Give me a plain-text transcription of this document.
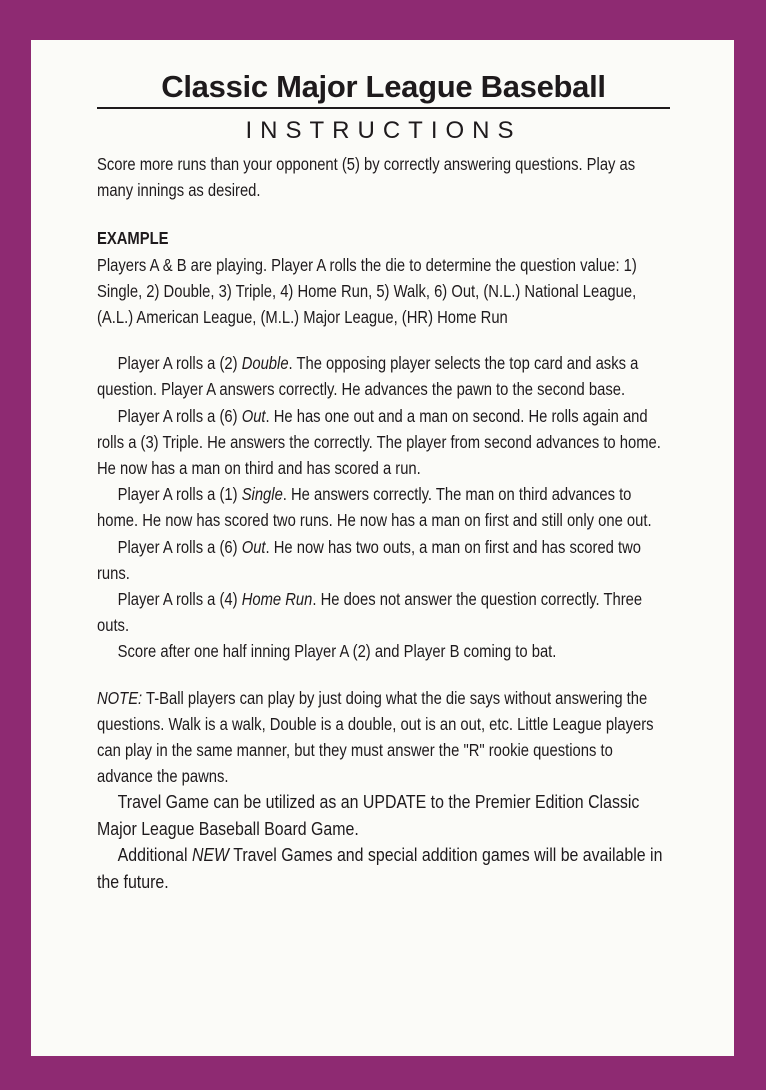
Classic Major League Baseball
INSTRUCTIONS

Score more runs than your opponent (5) by correctly answering questions. Play as many innings as desired.

EXAMPLE

Players A & B are playing. Player A rolls the die to determine the question value: 1) Single, 2) Double, 3) Triple, 4) Home Run, 5) Walk, 6) Out, (N.L.) National League, (A.L.) American League, (M.L.) Major League, (HR) Home Run

Player A rolls a (2) Double. The opposing player selects the top card and asks a question. Player A answers correctly. He advances the pawn to the second base.

Player A rolls a (6) Out. He has one out and a man on second. He rolls again and rolls a (3) Triple. He answers the correctly. The player from second advances to home. He now has a man on third and has scored a run.

Player A rolls a (1) Single. He answers correctly. The man on third advances to home. He now has scored two runs. He now has a man on first and still only one out.

Player A rolls a (6) Out. He now has two outs, a man on first and has scored two runs.

Player A rolls a (4) Home Run. He does not answer the question correctly. Three outs.

Score after one half inning Player A (2) and Player B coming to bat.

NOTE: T-Ball players can play by just doing what the die says without answering the questions. Walk is a walk, Double is a double, out is an out, etc. Little League players can play in the same manner, but they must answer the "R" rookie questions to advance the pawns.

Travel Game can be utilized as an UPDATE to the Premier Edition Classic Major League Baseball Board Game.

Additional NEW Travel Games and special addition games will be available in the future.
